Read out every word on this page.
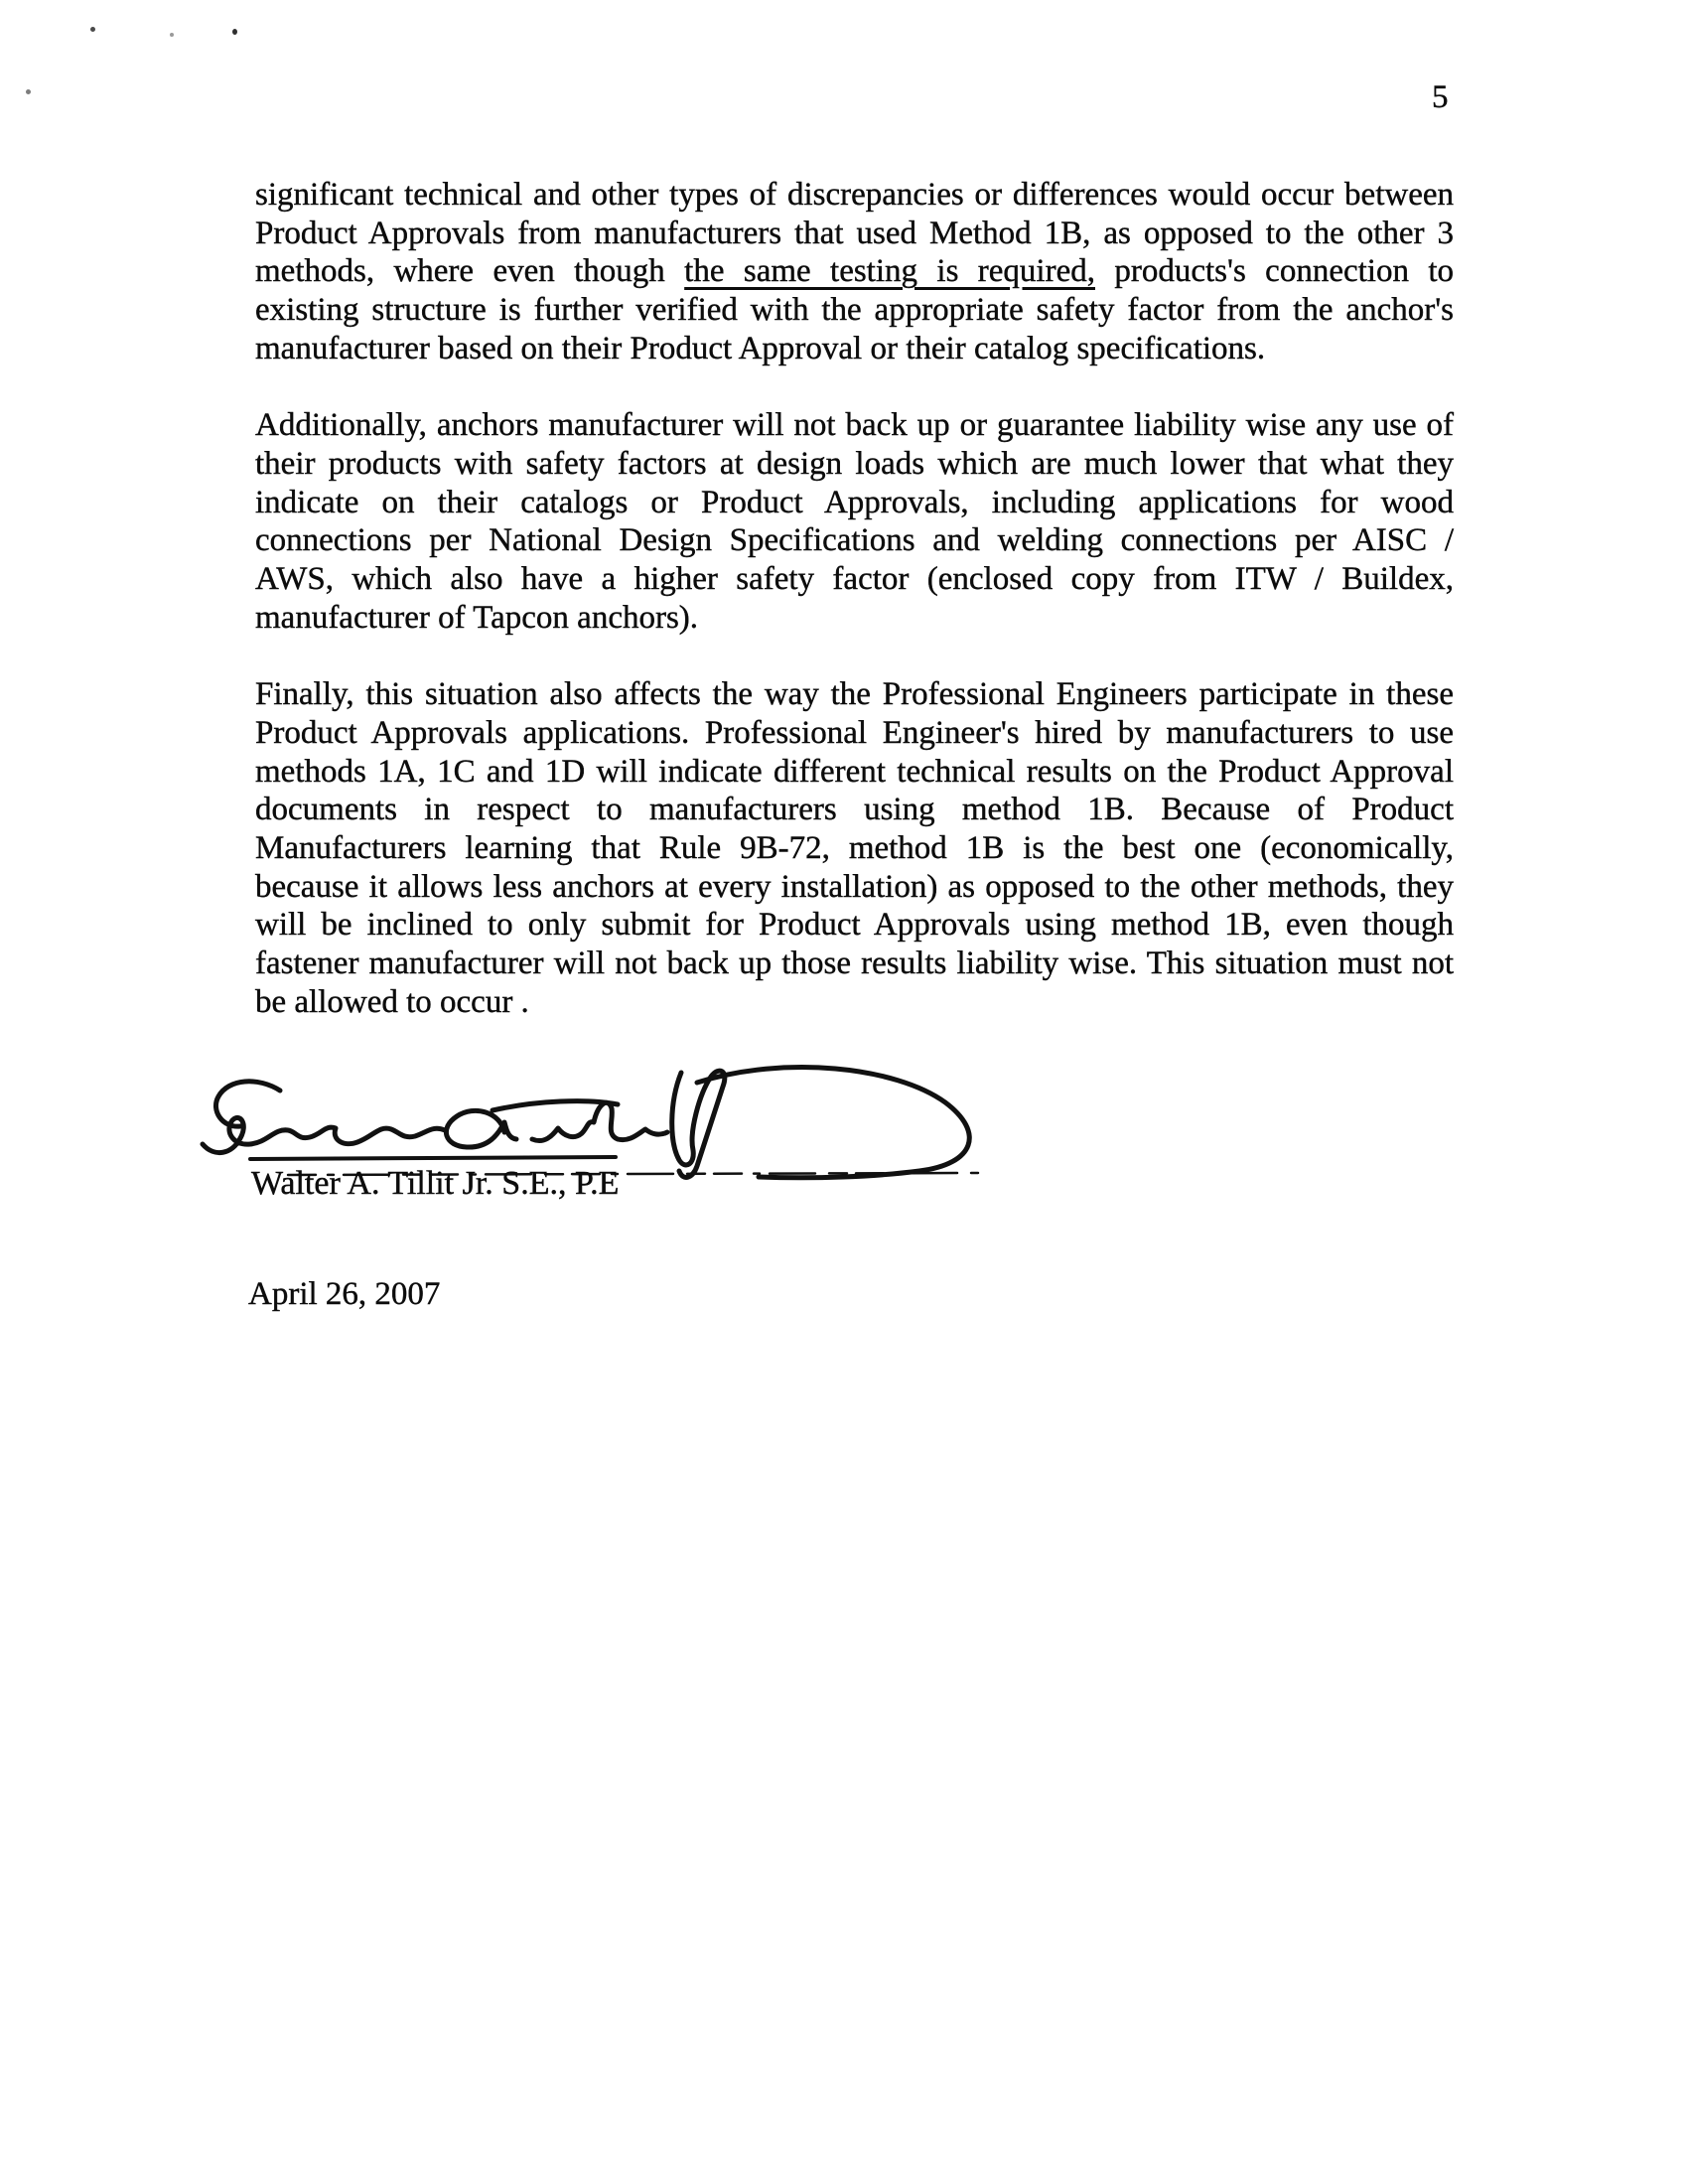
5
significant technical and other types of discrepancies or differences would occur between
Product Approvals from manufacturers that used Method 1B, as opposed to the other 3
methods, where even though the same testing is required, products's connection to
existing structure is further verified with the appropriate safety factor from the anchor's
manufacturer based on their Product Approval or their catalog specifications.
Additionally, anchors manufacturer will not back up or guarantee liability wise any use of
their products with safety factors at design loads which are much lower that what they
indicate on their catalogs or Product Approvals, including applications for wood
connections per National Design Specifications and welding connections per AISC /
AWS, which also have a higher safety factor (enclosed copy from ITW / Buildex,
manufacturer of Tapcon anchors).
Finally, this situation also affects the way the Professional Engineers participate in these
Product Approvals applications. Professional Engineer's hired by manufacturers to use
methods 1A, 1C and 1D will indicate different technical results on the Product Approval
documents in respect to manufacturers using method 1B. Because of Product
Manufacturers learning that Rule 9B-72, method 1B is the best one (economically,
because it allows less anchors at every installation) as opposed to the other methods, they
will be inclined to only submit for Product Approvals using method 1B, even though
fastener manufacturer will not back up those results liability wise. This situation must not
be allowed to occur .
Walter A. Tillit Jr. S.E., P.E
April 26, 2007
